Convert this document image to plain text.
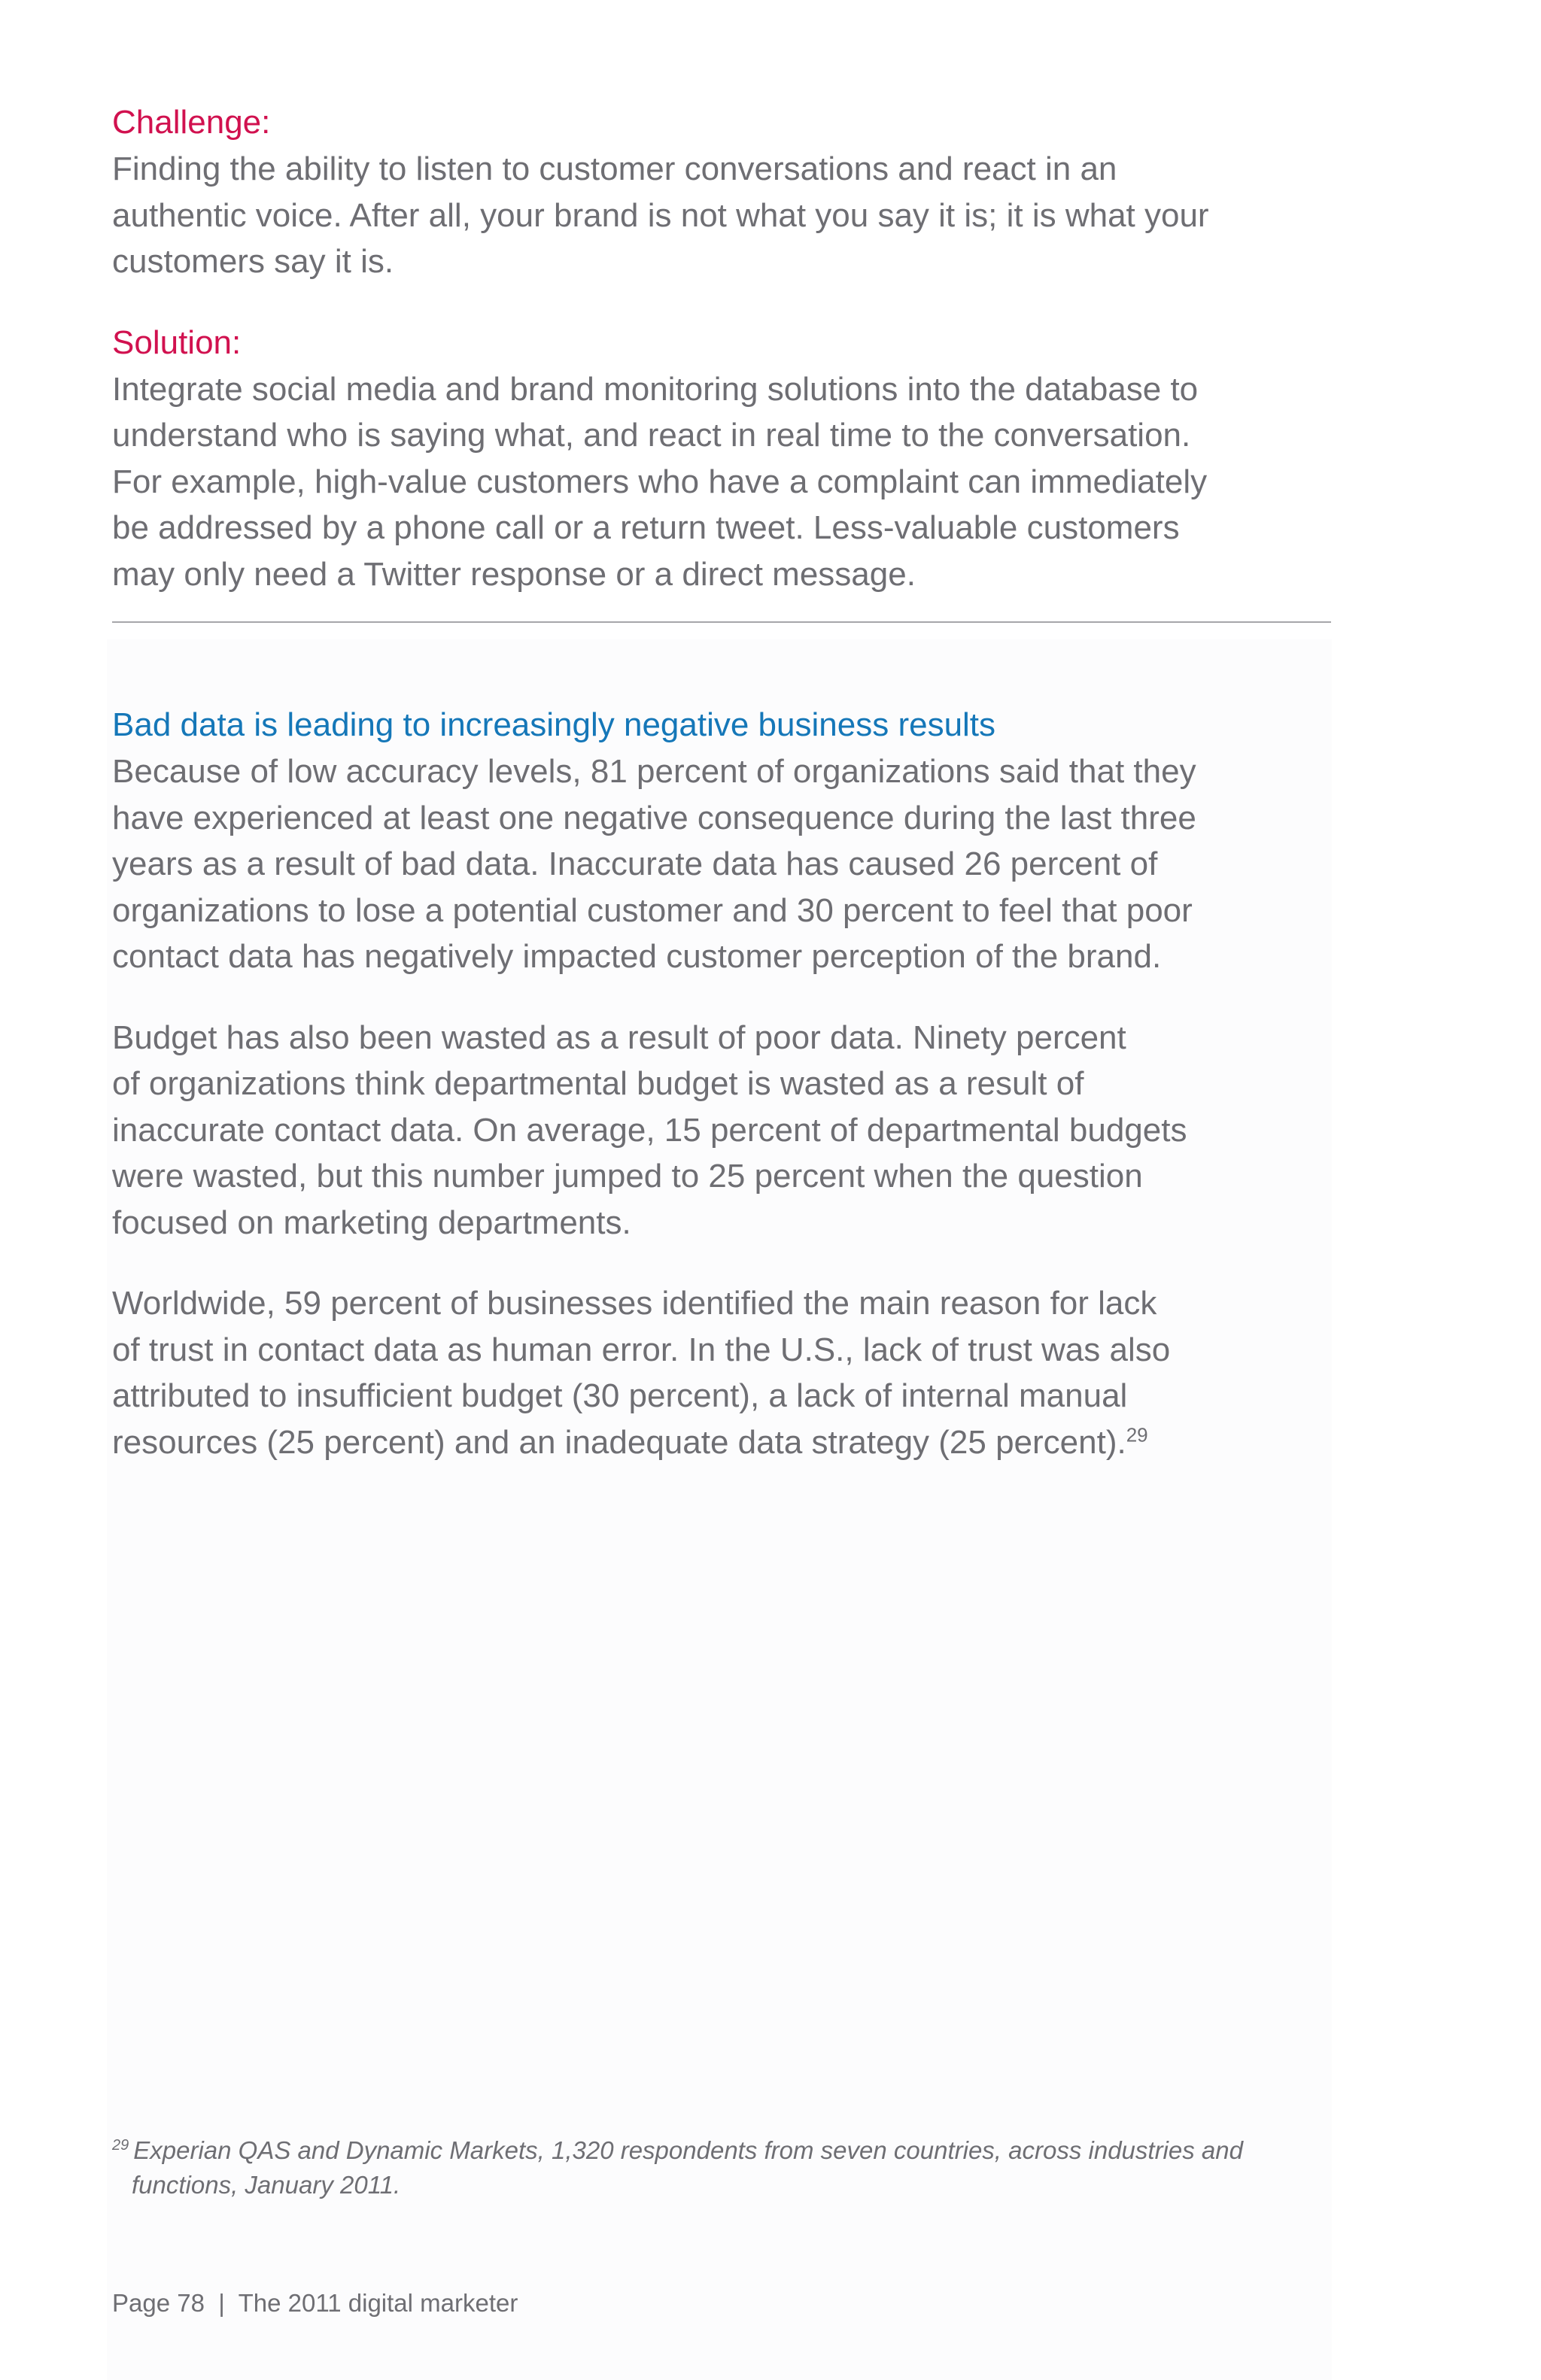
Challenge:

Finding the ability to listen to customer conversations and react in an
authentic voice. After all, your brand is not what you say it is; it is what your
customers say it is.

Solution:

Integrate social media and brand monitoring solutions into the database to
understand who is saying what, and react in real time to the conversation.
For example, high-value customers who have a complaint can immediately
be addressed by a phone call or a return tweet. Less-valuable customers
may only need a Twitter response or a direct message.

Bad data is leading to increasingly negative business results

Because of low accuracy levels, 81 percent of organizations said that they
have experienced at least one negative consequence during the last three
years as a result of bad data. Inaccurate data has caused 26 percent of
organizations to lose a potential customer and 30 percent to feel that poor
contact data has negatively impacted customer perception of the brand.

Budget has also been wasted as a result of poor data. Ninety percent
of organizations think departmental budget is wasted as a result of
inaccurate contact data. On average, 15 percent of departmental budgets
were wasted, but this number jumped to 25 percent when the question
focused on marketing departments.

Worldwide, 59 percent of businesses identified the main reason for lack
of trust in contact data as human error. In the U.S., lack of trust was also
attributed to insufficient budget (30 percent), a lack of internal manual
resources (25 percent) and an inadequate data strategy (25 percent).$^{29}$

$^{29}$ Experian QAS and Dynamic Markets, 1,320 respondents from seven countries, across industries and
functions, January 2011.
Page 78  |  The 2011 digital marketer
